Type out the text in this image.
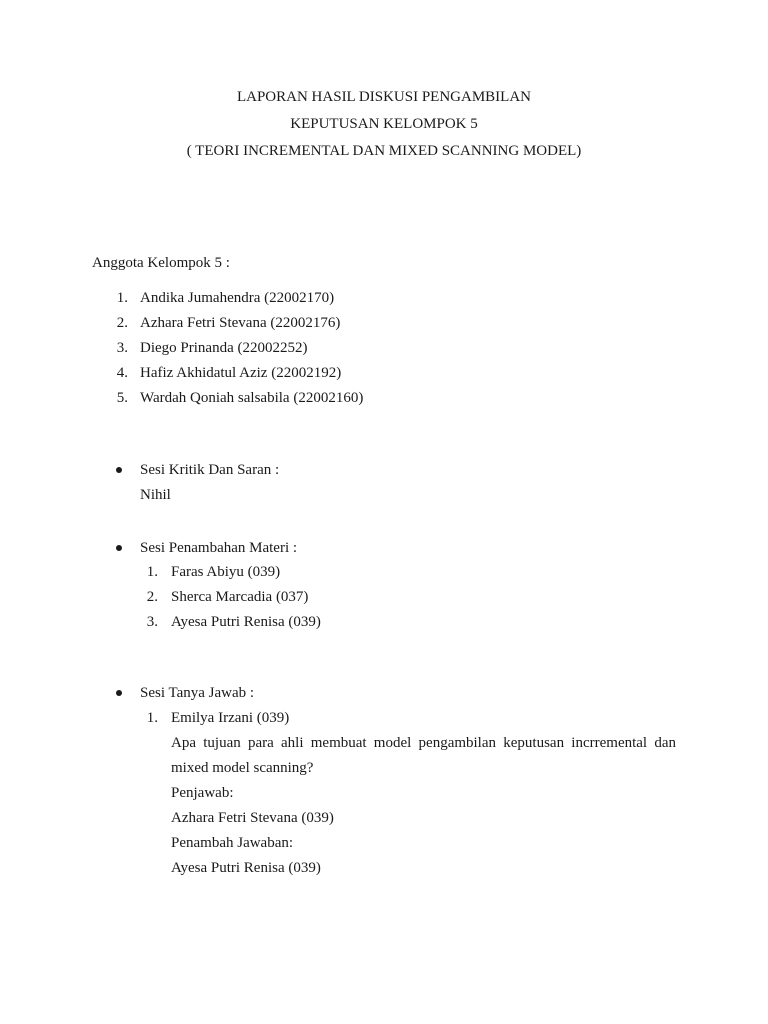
LAPORAN HASIL DISKUSI PENGAMBILAN
KEPUTUSAN KELOMPOK 5
( TEORI INCREMENTAL DAN MIXED SCANNING MODEL)
Anggota Kelompok 5 :
1. Andika Jumahendra (22002170)
2. Azhara Fetri Stevana (22002176)
3. Diego Prinanda (22002252)
4. Hafiz Akhidatul Aziz (22002192)
5. Wardah Qoniah salsabila (22002160)
Sesi Kritik Dan Saran :
Nihil
Sesi Penambahan Materi :
1. Faras Abiyu (039)
2. Sherca Marcadia (037)
3. Ayesa Putri Renisa (039)
Sesi Tanya Jawab :
1. Emilya Irzani (039)
Apa tujuan para ahli membuat model pengambilan keputusan incrremental dan
mixed model scanning?
Penjawab:
Azhara Fetri Stevana (039)
Penambah Jawaban:
Ayesa Putri Renisa (039)
